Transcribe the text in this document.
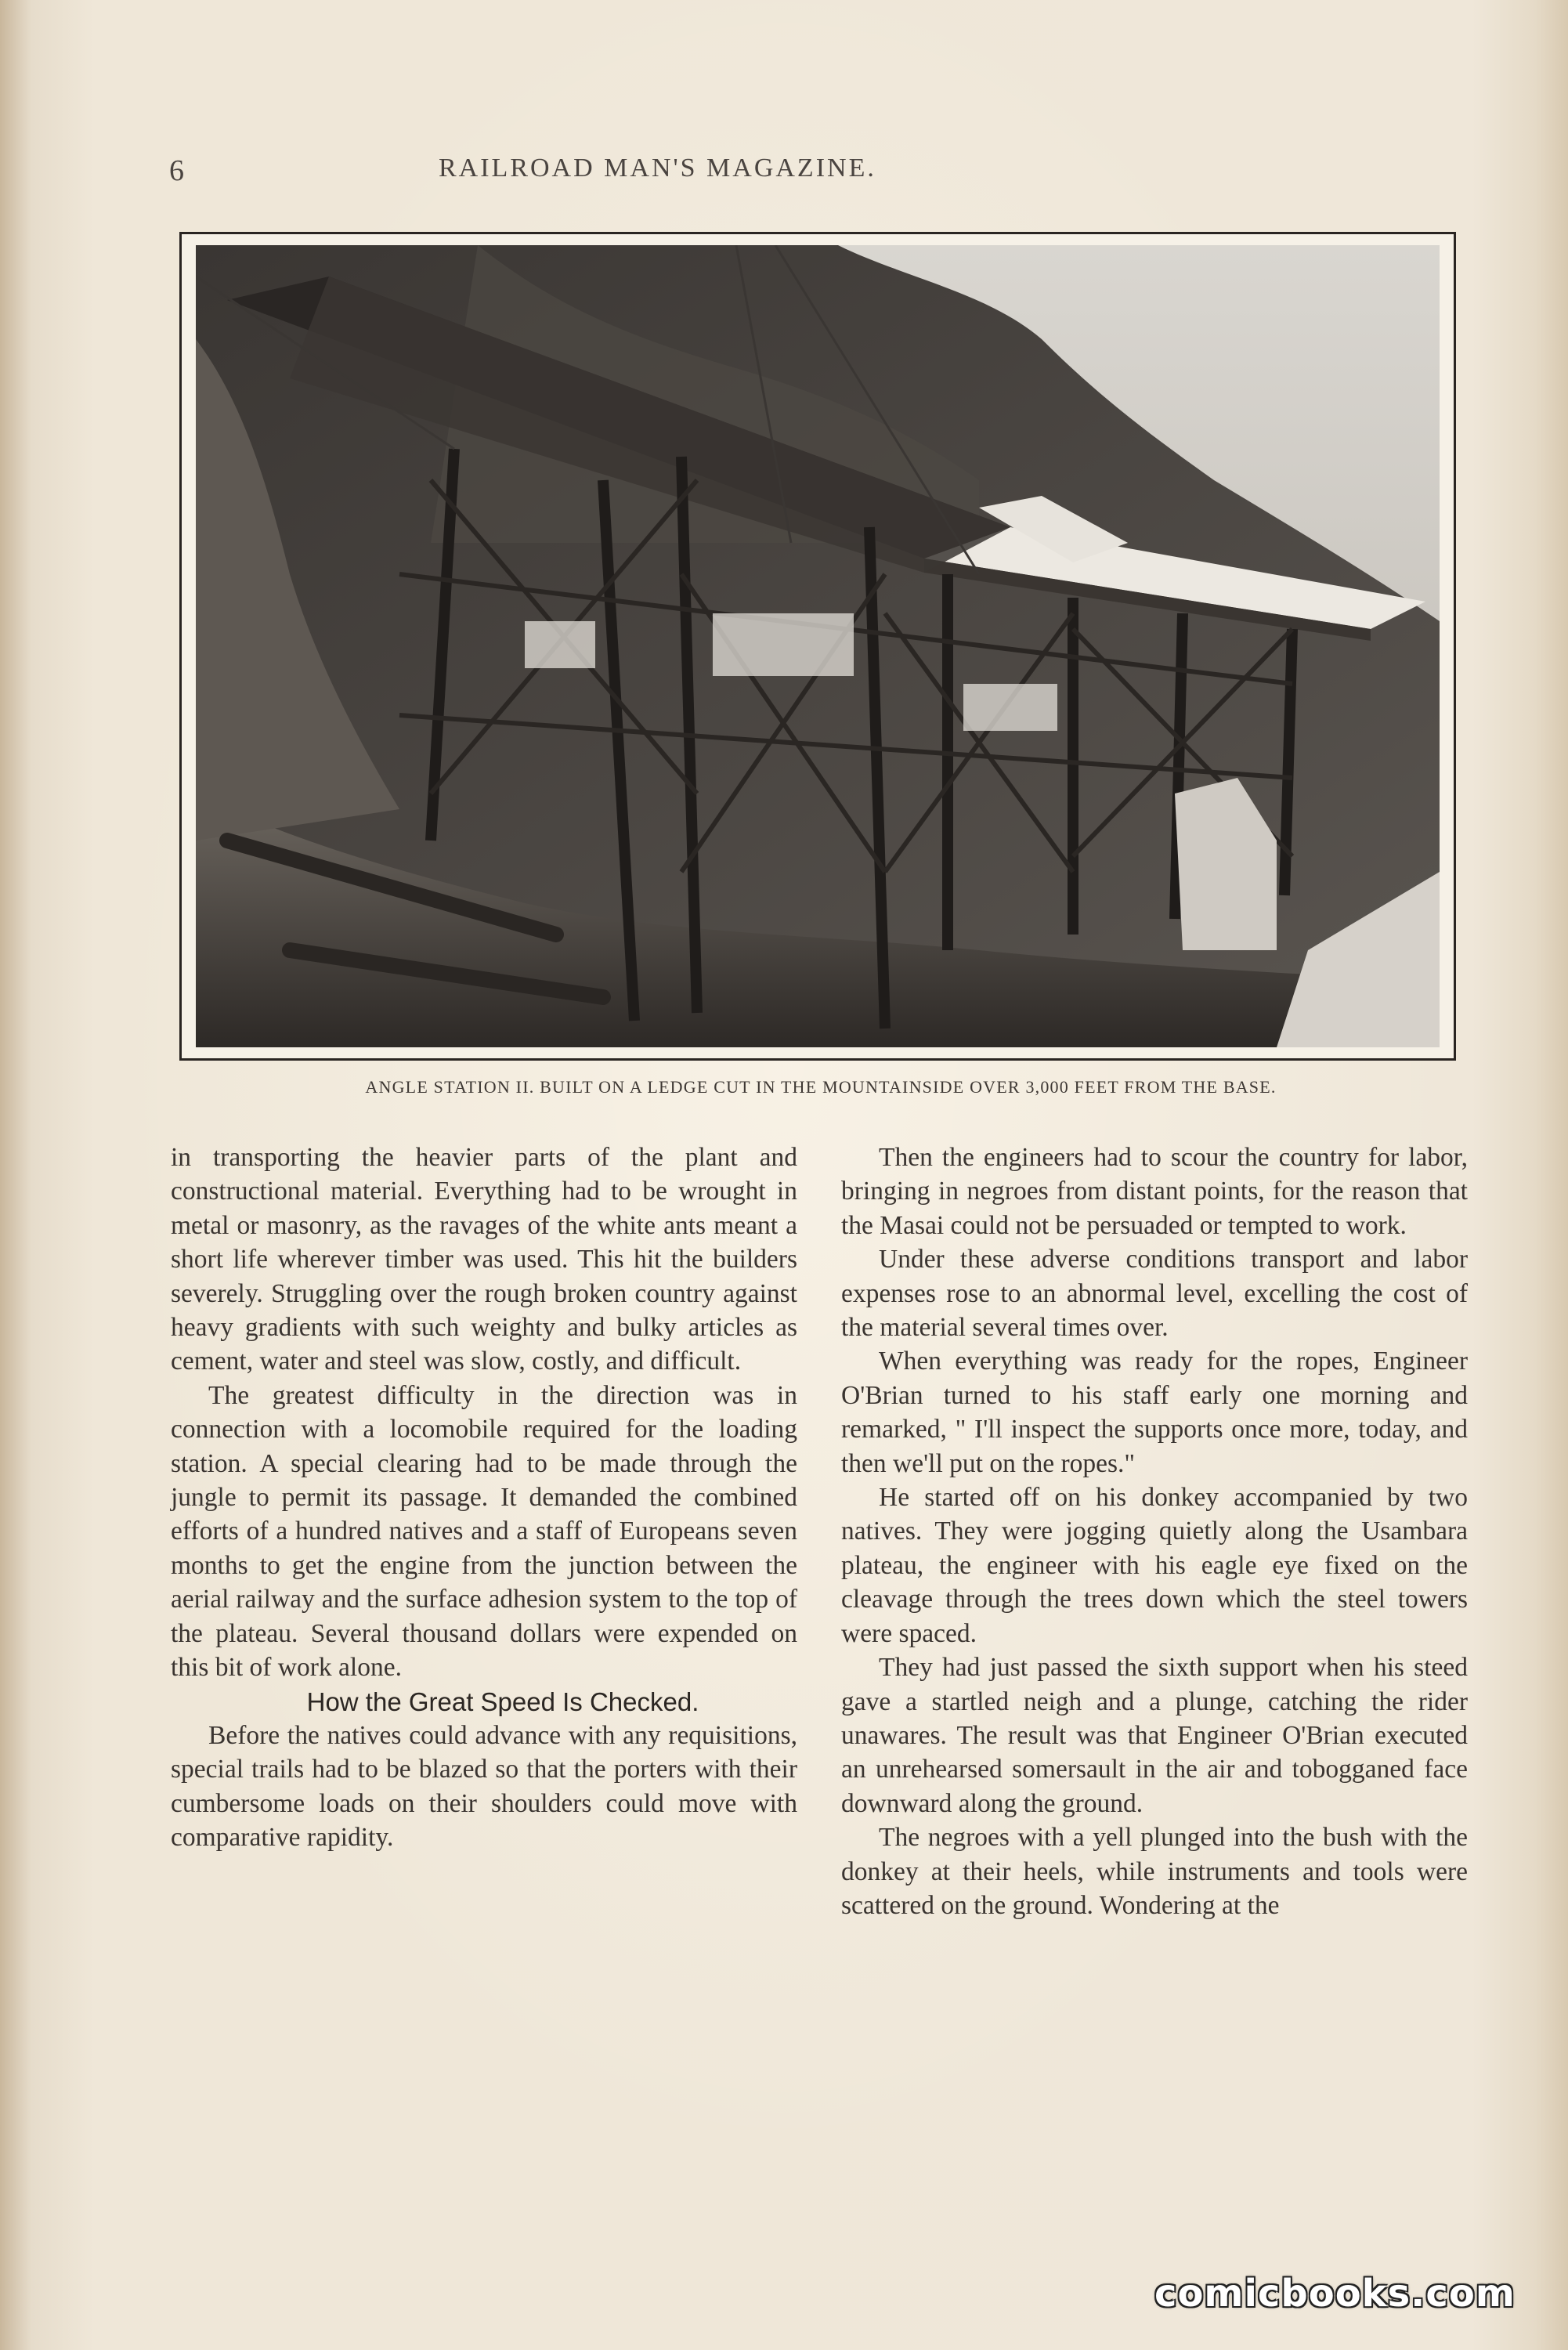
6	RAILROAD MAN'S MAGAZINE.
ANGLE STATION II. BUILT ON A LEDGE CUT IN THE MOUNTAINSIDE OVER 3,000 FEET FROM THE BASE.

in transporting the heavier parts of the plant and constructional material. Everything had to be wrought in metal or masonry, as the ravages of the white ants meant a short life wherever timber was used. This hit the builders severely. Struggling over the rough broken country against heavy gradients with such weighty and bulky articles as cement, water and steel was slow, costly, and difficult.

The greatest difficulty in the direction was in connection with a locomobile required for the loading station. A special clearing had to be made through the jungle to permit its passage. It demanded the combined efforts of a hundred natives and a staff of Europeans seven months to get the engine from the junction between the aerial railway and the surface adhesion system to the top of the plateau. Several thousand dollars were expended on this bit of work alone.

How the Great Speed Is Checked.

Before the natives could advance with any requisitions, special trails had to be blazed so that the porters with their cumbersome loads on their shoulders could move with comparative rapidity.

Then the engineers had to scour the country for labor, bringing in negroes from distant points, for the reason that the Masai could not be persuaded or tempted to work.

Under these adverse conditions transport and labor expenses rose to an abnormal level, excelling the cost of the material several times over.

When everything was ready for the ropes, Engineer O'Brian turned to his staff early one morning and remarked, " I'll inspect the supports once more, today, and then we'll put on the ropes."

He started off on his donkey accompanied by two natives. They were jogging quietly along the Usambara plateau, the engineer with his eagle eye fixed on the cleavage through the trees down which the steel towers were spaced.

They had just passed the sixth support when his steed gave a startled neigh and a plunge, catching the rider unawares. The result was that Engineer O'Brian executed an unrehearsed somersault in the air and tobogganed face downward along the ground.

The negroes with a yell plunged into the bush with the donkey at their heels, while instruments and tools were scattered on the ground. Wondering at the

comicbooks.com
